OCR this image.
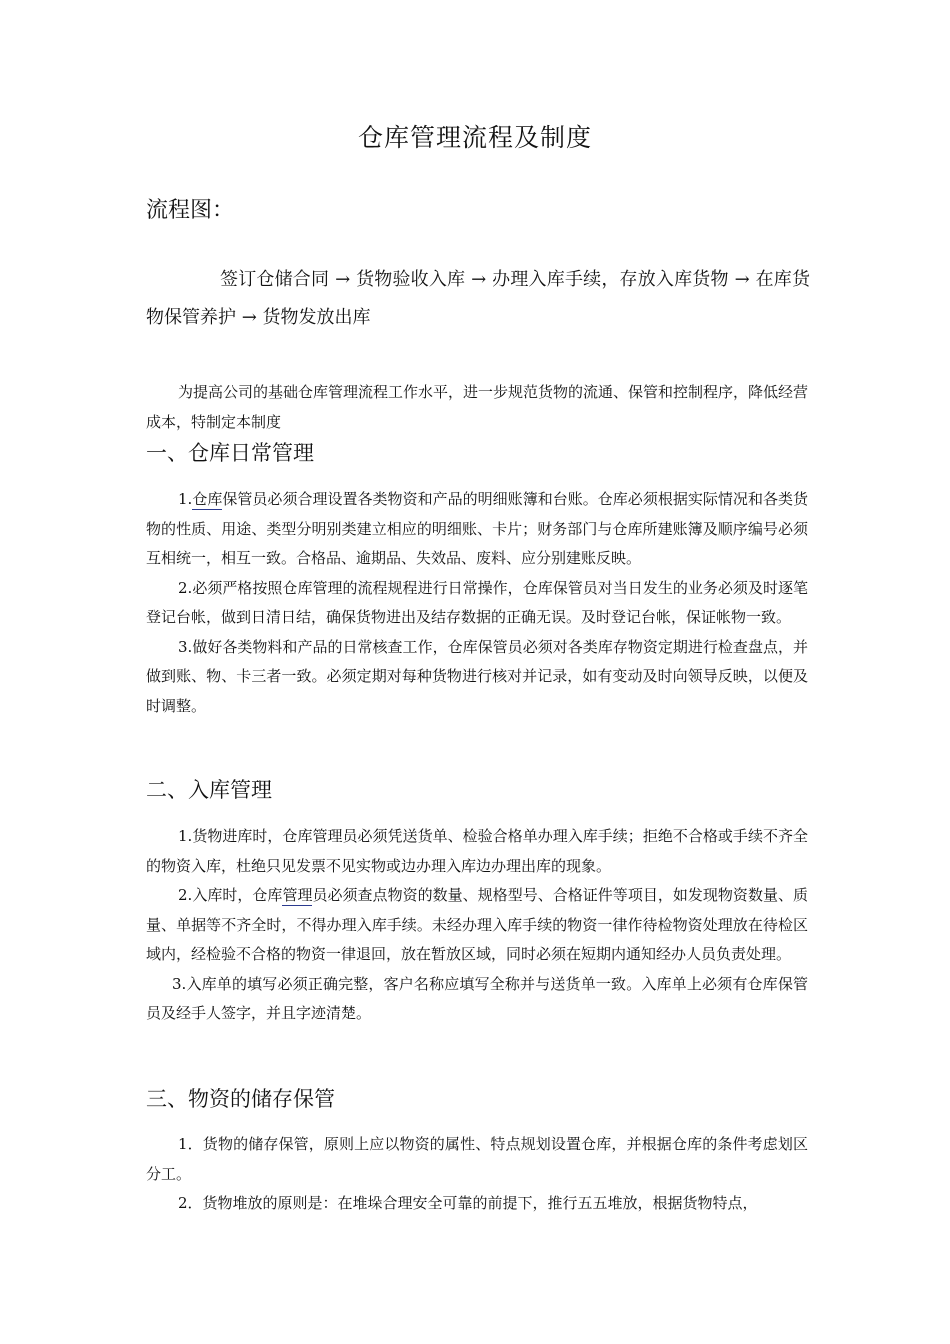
仓库管理流程及制度
流程图：
签订仓储合同 → 货物验收入库 → 办理入库手续，存放入库货物 → 在库货物保管养护 → 货物发放出库

为提高公司的基础仓库管理流程工作水平，进一步规范货物的流通、保管和控制程序，降低经营成本，特制定本制度

一、仓库日常管理

1.仓库保管员必须合理设置各类物资和产品的明细账簿和台账。仓库必须根据实际情况和各类货物的性质、用途、类型分明别类建立相应的明细账、卡片；财务部门与仓库所建账簿及顺序编号必须互相统一，相互一致。合格品、逾期品、失效品、废料、应分别建账反映。

2.必须严格按照仓库管理的流程规程进行日常操作，仓库保管员对当日发生的业务必须及时逐笔登记台帐，做到日清日结，确保货物进出及结存数据的正确无误。及时登记台帐，保证帐物一致。

3.做好各类物料和产品的日常核查工作，仓库保管员必须对各类库存物资定期进行检查盘点，并做到账、物、卡三者一致。必须定期对每种货物进行核对并记录，如有变动及时向领导反映，以便及时调整。

二、入库管理

1.货物进库时，仓库管理员必须凭送货单、检验合格单办理入库手续；拒绝不合格或手续不齐全的物资入库，杜绝只见发票不见实物或边办理入库边办理出库的现象。

2.入库时，仓库管理员必须查点物资的数量、规格型号、合格证件等项目，如发现物资数量、质量、单据等不齐全时，不得办理入库手续。未经办理入库手续的物资一律作待检物资处理放在待检区域内，经检验不合格的物资一律退回，放在暂放区域，同时必须在短期内通知经办人员负责处理。

3.入库单的填写必须正确完整，客户名称应填写全称并与送货单一致。入库单上必须有仓库保管员及经手人签字，并且字迹清楚。

三、物资的储存保管

1．货物的储存保管，原则上应以物资的属性、特点规划设置仓库，并根据仓库的条件考虑划区分工。

2．货物堆放的原则是：在堆垛合理安全可靠的前提下，推行五五堆放，根据货物特点，
